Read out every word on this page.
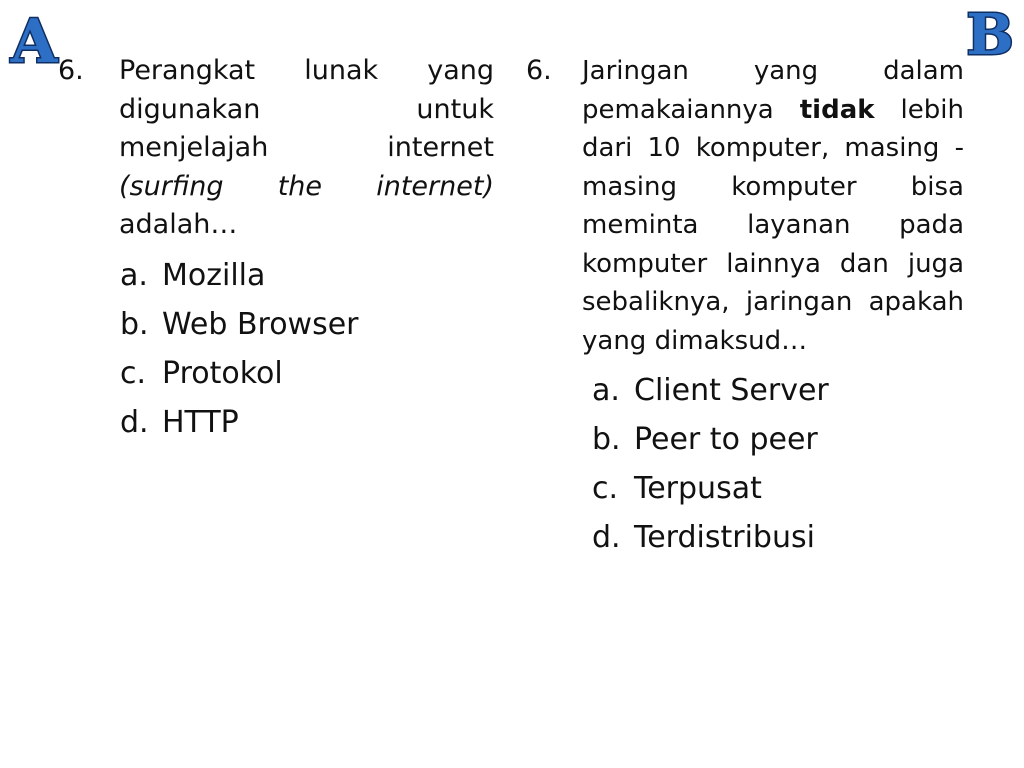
A	B
6.	Perangkat lunak yang digunakan untuk menjelajah internet (surfing the internet) adalah…
a. Mozilla
b. Web Browser
c. Protokol
d. HTTP
6.	Jaringan yang dalam pemakaiannya tidak lebih dari 10 komputer, masing - masing komputer bisa meminta layanan pada komputer lainnya dan juga sebaliknya, jaringan apakah yang dimaksud…
a. Client Server
b. Peer to peer
c. Terpusat
d. Terdistribusi
